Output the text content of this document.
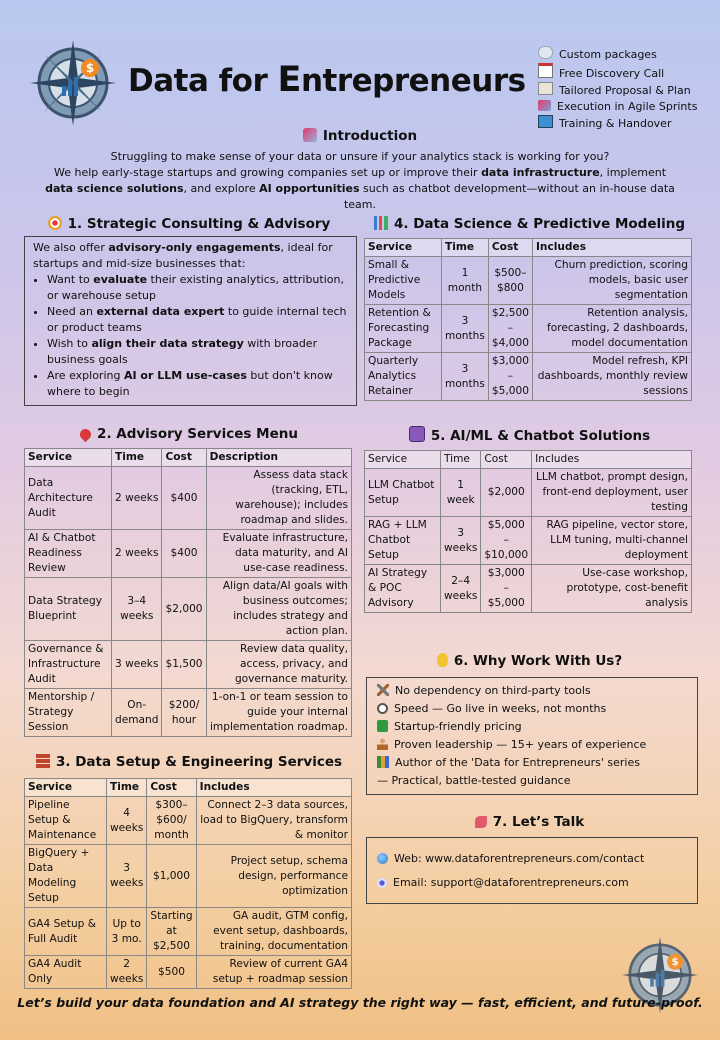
$ Data for Entrepreneurs
Custom packages
Free Discovery Call
Tailored Proposal & Plan
Execution in Agile Sprints
Training & Handover
Introduction
Struggling to make sense of your data or unsure if your analytics stack is working for you?
We help early-stage startups and growing companies set up or improve their data infrastructure, implement data science solutions, and explore AI opportunities such as chatbot development—without an in-house data team.
1. Strategic Consulting & Advisory
We also offer advisory-only engagements, ideal for startups and mid-size businesses that:
• Want to evaluate their existing analytics, attribution, or warehouse setup
• Need an external data expert to guide internal tech or product teams
• Wish to align their data strategy with broader business goals
• Are exploring AI or LLM use-cases but don't know where to begin
2. Advisory Services Menu
Service	Time	Cost	Description
Data Architecture Audit	2 weeks	$400	Assess data stack (tracking, ETL, warehouse); includes roadmap and slides.
AI & Chatbot Readiness Review	2 weeks	$400	Evaluate infrastructure, data maturity, and AI use-case readiness.
Data Strategy Blueprint	3–4 weeks	$2,000	Align data/AI goals with business outcomes; includes strategy and action plan.
Governance & Infrastructure Audit	3 weeks	$1,500	Review data quality, access, privacy, and governance maturity.
Mentorship / Strategy Session	On-demand	$200/ hour	1-on-1 or team session to guide your internal implementation roadmap.
3. Data Setup & Engineering Services
Service	Time	Cost	Includes
Pipeline Setup & Maintenance	4 weeks	$300–$600/ month	Connect 2–3 data sources, load to BigQuery, transform & monitor
BigQuery + Data Modeling Setup	3 weeks	$1,000	Project setup, schema design, performance optimization
GA4 Setup & Full Audit	Up to 3 mo.	Starting at $2,500	GA audit, GTM config, event setup, dashboards, training, documentation
GA4 Audit Only	2 weeks	$500	Review of current GA4 setup + roadmap session
4. Data Science & Predictive Modeling
Service	Time	Cost	Includes
Small & Predictive Models	1 month	$500– $800	Churn prediction, scoring models, basic user segmentation
Retention & Forecasting Package	3 months	$2,500 – $4,000	Retention analysis, forecasting, 2 dashboards, model documentation
Quarterly Analytics Retainer	3 months	$3,000 – $5,000	Model refresh, KPI dashboards, monthly review sessions
5. AI/ML & Chatbot Solutions
Service	Time	Cost	Includes
LLM Chatbot Setup	1 week	$2,000	LLM chatbot, prompt design, front-end deployment, user testing
RAG + LLM Chatbot Setup	3 weeks	$5,000 – $10,000	RAG pipeline, vector store, LLM tuning, multi-channel deployment
AI Strategy & POC Advisory	2–4 weeks	$3,000 – $5,000	Use-case workshop, prototype, cost-benefit analysis
6. Why Work With Us?
No dependency on third-party tools
Speed — Go live in weeks, not months
Startup-friendly pricing
Proven leadership — 15+ years of experience
Author of the 'Data for Entrepreneurs' series
— Practical, battle-tested guidance
7. Let’s Talk
Web: www.dataforentrepreneurs.com/contact
Email: support@dataforentrepreneurs.com
$
Let’s build your data foundation and AI strategy the right way — fast, efficient, and future-proof.
